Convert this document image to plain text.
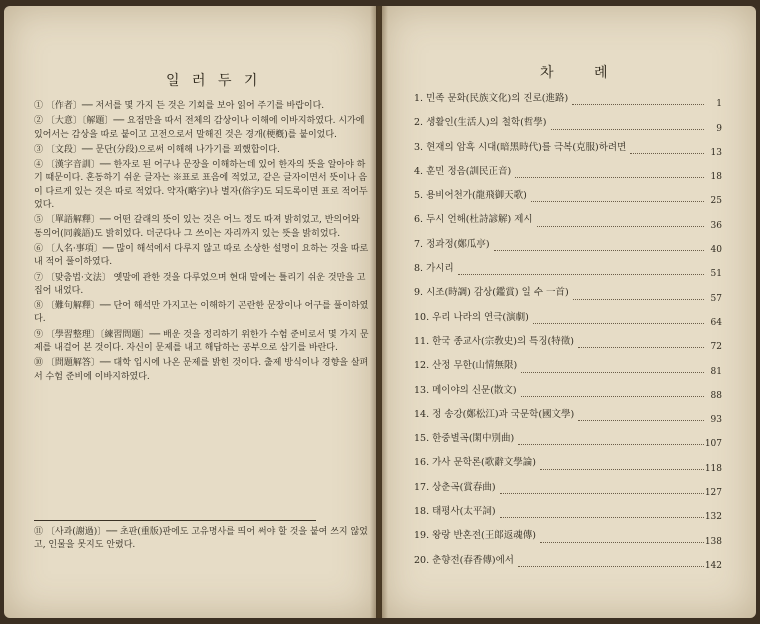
일 러 두 기
① 〔作者〕── 저서를 몇 가지 든 것은 기회를 보아 읽어 주기를 바랍이다.
② 〔大意〕〔解題〕── 요점만을 따서 전체의 감상이나 이해에 이바지하였다. 시가에 있어서는 감상을 따로 붙이고 고전으로서 말해진 것은 경개(梗槪)를 붙이었다.
③ 〔文段〕── 문단(分段)으로써 이해해 나가기를 꾀했합이다.
④ 〔漢字音訓〕── 한자로 된 어구나 문장을 이해하는데 있어 한자의 뜻을 알아야 하기 때문이다. 혼동하기 쉬운 글자는 ※표로 표음에 적었고, 같은 글자이면서 뜻이나 음이 다르게 있는 것은 따로 적었다. 약자(略字)나 별자(俗字)도 되도록이면 표로 적어두었다.
⑤ 〔單語解釋〕── 어떤 갈래의 뜻이 있는 것은 어느 정도 따져 밝히었고, 반의어와 동의어(同義語)도 밝히었다. 더군다나 그 쓰이는 자리까지 있는 뜻을 밝히었다.
⑥ 〔人名·事項〕── 많이 해석에서 다루지 않고 따로 소상한 설명이 요하는 것을 따로 내 적어 풀이하였다.
⑦ 〔맞춤법·文法〕 옛말에 관한 것을 다루었으며 현대 말에는 틀리기 쉬운 것만을 고집어 내었다.
⑧ 〔難句解釋〕── 단어 해석만 가지고는 이해하기 곤란한 문장이나 어구를 풀이하였다.
⑨ 〔學習整理〕〔練習問題〕── 배운 것을 정리하기 위한가 수험 준비로서 몇 가지 문제를 내걸어 본 것이다. 자신이 문제를 내고 해답하는 공부으로 삼기를 바란다.
⑩ 〔問題解答〕── 대학 입시에 나온 문제를 밝힌 것이다. 출제 방식이나 경향을 살펴서 수험 준비에 이바지하였다.
⑪ 〔사과(謝過)〕── 초판(重版)판에도 고유명사를 띄어 써야 할 것을 붙여 쓰지 않었고, 인물을 못지도 안렸다.
차 례
1. 민족 문화(民族文化)의 진로(進路)
1
2. 생활인(生活人)의 철학(哲學)
9
3. 현재의 암흑 시대(暗黑時代)를 극복(克服)하려면
13
4. 훈민 정음(訓民正音)
18
5. 용비어천가(龍飛御天歌)
25
6. 두시 언해(杜詩諺解) 제시
36
7. 정과정(鄭瓜亭)
40
8. 가시리
51
9. 시조(時調) 감상(鑑賞) 일 수 一首)
57
10. 우리 나라의 연극(演劇)
64
11. 한국 종교사(宗敎史)의 특징(特徵)
72
12. 산정 무한(山情無限)
81
13. 메이야의 신문(散文)
88
14. 정 송강(鄭松江)과 국문학(國文學)
93
15. 한중별곡(閑中別曲)
107
16. 가사 문학론(歌辭文學論)
118
17. 상춘곡(賞春曲)
127
18. 태평사(太平詞)
132
19. 왕랑 반혼전(王郞返魂傳)
138
20. 춘향전(春香傳)에서
142
